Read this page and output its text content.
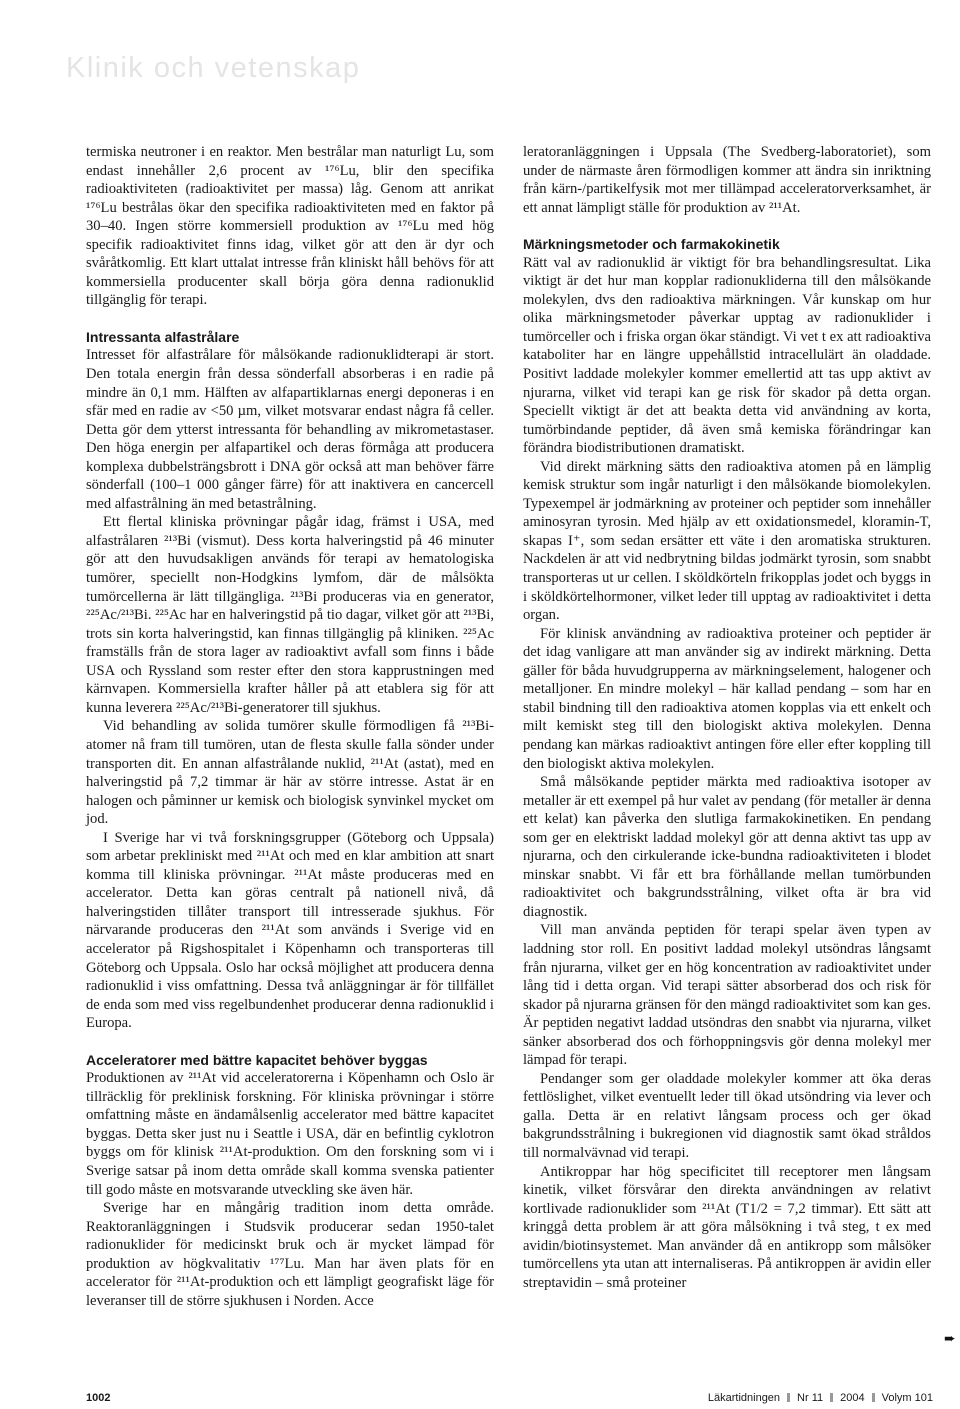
Klinik och vetenskap

termiska neutroner i en reaktor. Men bestrålar man naturligt Lu, som endast innehåller 2,6 procent av ¹⁷⁶Lu, blir den specifika radioaktiviteten (radioaktivitet per massa) låg. Genom att anrikat ¹⁷⁶Lu bestrålas ökar den specifika radioaktiviteten med en faktor på 30–40. Ingen större kommersiell produktion av ¹⁷⁶Lu med hög specifik radioaktivitet finns idag, vilket gör att den är dyr och svåråtkomlig. Ett klart uttalat intresse från kliniskt håll behövs för att kommersiella producenter skall börja göra denna radionuklid tillgänglig för terapi.

Intressanta alfastrålare

Intresset för alfastrålare för målsökande radionuklidterapi är stort. Den totala energin från dessa sönderfall absorberas i en radie på mindre än 0,1 mm. Hälften av alfapartiklarnas energi deponeras i en sfär med en radie av <50 µm, vilket motsvarar endast några få celler. Detta gör dem ytterst intressanta för behandling av mikrometastaser. Den höga energin per alfapartikel och deras förmåga att producera komplexa dubbelsträngsbrott i DNA gör också att man behöver färre sönderfall (100–1 000 gånger färre) för att inaktivera en cancercell med alfastrålning än med betastrålning.

Ett flertal kliniska prövningar pågår idag, främst i USA, med alfastrålaren ²¹³Bi (vismut). Dess korta halveringstid på 46 minuter gör att den huvudsakligen används för terapi av hematologiska tumörer, speciellt non-Hodgkins lymfom, där de målsökta tumörcellerna är lätt tillgängliga. ²¹³Bi produceras via en generator, ²²⁵Ac/²¹³Bi. ²²⁵Ac har en halveringstid på tio dagar, vilket gör att ²¹³Bi, trots sin korta halveringstid, kan finnas tillgänglig på kliniken. ²²⁵Ac framställs från de stora lager av radioaktivt avfall som finns i både USA och Ryssland som rester efter den stora kapprustningen med kärnvapen. Kommersiella krafter håller på att etablera sig för att kunna leverera ²²⁵Ac/²¹³Bi-generatorer till sjukhus.

Vid behandling av solida tumörer skulle förmodligen få ²¹³Bi-atomer nå fram till tumören, utan de flesta skulle falla sönder under transporten dit. En annan alfastrålande nuklid, ²¹¹At (astat), med en halveringstid på 7,2 timmar är här av större intresse. Astat är en halogen och påminner ur kemisk och biologisk synvinkel mycket om jod.

I Sverige har vi två forskningsgrupper (Göteborg och Uppsala) som arbetar prekliniskt med ²¹¹At och med en klar ambition att snart komma till kliniska prövningar. ²¹¹At måste produceras med en accelerator. Detta kan göras centralt på nationell nivå, då halveringstiden tillåter transport till intresserade sjukhus. För närvarande produceras den ²¹¹At som används i Sverige vid en accelerator på Rigshospitalet i Köpenhamn och transporteras till Göteborg och Uppsala. Oslo har också möjlighet att producera denna radionuklid i viss omfattning. Dessa två anläggningar är för tillfället de enda som med viss regelbundenhet producerar denna radionuklid i Europa.

Acceleratorer med bättre kapacitet behöver byggas

Produktionen av ²¹¹At vid acceleratorerna i Köpenhamn och Oslo är tillräcklig för preklinisk forskning. För kliniska prövningar i större omfattning måste en ändamålsenlig accelerator med bättre kapacitet byggas. Detta sker just nu i Seattle i USA, där en befintlig cyklotron byggs om för klinisk ²¹¹At-produktion. Om den forskning som vi i Sverige satsar på inom detta område skall komma svenska patienter till godo måste en motsvarande utveckling ske även här.

Sverige har en mångårig tradition inom detta område. Reaktoranläggningen i Studsvik producerar sedan 1950-talet radionuklider för medicinskt bruk och är mycket lämpad för produktion av högkvalitativ ¹⁷⁷Lu. Man har även plats för en accelerator för ²¹¹At-produktion och ett lämpligt geografiskt läge för leveranser till de större sjukhusen i Norden. Acce

leratoranläggningen i Uppsala (The Svedberg-laboratoriet), som under de närmaste åren förmodligen kommer att ändra sin inriktning från kärn-/partikelfysik mot mer tillämpad acceleratorverksamhet, är ett annat lämpligt ställe för produktion av ²¹¹At.

Märkningsmetoder och farmakokinetik

Rätt val av radionuklid är viktigt för bra behandlingsresultat. Lika viktigt är det hur man kopplar radionukliderna till den målsökande molekylen, dvs den radioaktiva märkningen. Vår kunskap om hur olika märkningsmetoder påverkar upptag av radionuklider i tumörceller och i friska organ ökar ständigt. Vi vet t ex att radioaktiva kataboliter har en längre uppehållstid intracellulärt än oladdade. Positivt laddade molekyler kommer emellertid att tas upp aktivt av njurarna, vilket vid terapi kan ge risk för skador på detta organ. Speciellt viktigt är det att beakta detta vid användning av korta, tumörbindande peptider, då även små kemiska förändringar kan förändra biodistributionen dramatiskt.

Vid direkt märkning sätts den radioaktiva atomen på en lämplig kemisk struktur som ingår naturligt i den målsökande biomolekylen. Typexempel är jodmärkning av proteiner och peptider som innehåller aminosyran tyrosin. Med hjälp av ett oxidationsmedel, kloramin-T, skapas I⁺, som sedan ersätter ett väte i den aromatiska strukturen. Nackdelen är att vid nedbrytning bildas jodmärkt tyrosin, som snabbt transporteras ut ur cellen. I sköldkörteln frikopplas jodet och byggs in i sköldkörtelhormoner, vilket leder till upptag av radioaktivitet i detta organ.

För klinisk användning av radioaktiva proteiner och peptider är det idag vanligare att man använder sig av indirekt märkning. Detta gäller för båda huvudgrupperna av märkningselement, halogener och metalljoner. En mindre molekyl – här kallad pendang – som har en stabil bindning till den radioaktiva atomen kopplas via ett enkelt och milt kemiskt steg till den biologiskt aktiva molekylen. Denna pendang kan märkas radioaktivt antingen före eller efter koppling till den biologiskt aktiva molekylen.

Små målsökande peptider märkta med radioaktiva isotoper av metaller är ett exempel på hur valet av pendang (för metaller är denna ett kelat) kan påverka den slutliga farmakokinetiken. En pendang som ger en elektriskt laddad molekyl gör att denna aktivt tas upp av njurarna, och den cirkulerande icke-bundna radioaktiviteten i blodet minskar snabbt. Vi får ett bra förhållande mellan tumörbunden radioaktivitet och bakgrundsstrålning, vilket ofta är bra vid diagnostik.

Vill man använda peptiden för terapi spelar även typen av laddning stor roll. En positivt laddad molekyl utsöndras långsamt från njurarna, vilket ger en hög koncentration av radioaktivitet under lång tid i detta organ. Vid terapi sätter absorberad dos och risk för skador på njurarna gränsen för den mängd radioaktivitet som kan ges. Är peptiden negativt laddad utsöndras den snabbt via njurarna, vilket sänker absorberad dos och förhoppningsvis gör denna molekyl mer lämpad för terapi.

Pendanger som ger oladdade molekyler kommer att öka deras fettlöslighet, vilket eventuellt leder till ökad utsöndring via lever och galla. Detta är en relativt långsam process och ger ökad bakgrundsstrålning i bukregionen vid diagnostik samt ökad stråldos till normalvävnad vid terapi.

Antikroppar har hög specificitet till receptorer men långsam kinetik, vilket försvårar den direkta användningen av relativt kortlivade radionuklider som ²¹¹At (T1/2 = 7,2 timmar). Ett sätt att kringgå detta problem är att göra målsökning i två steg, t ex med avidin/biotinsystemet. Man använder då en antikropp som målsöker tumörcellens yta utan att internaliseras. På antikroppen är avidin eller streptavidin – små proteiner

➨
1002	Läkartidningen Nr 11 2004 Volym 101
